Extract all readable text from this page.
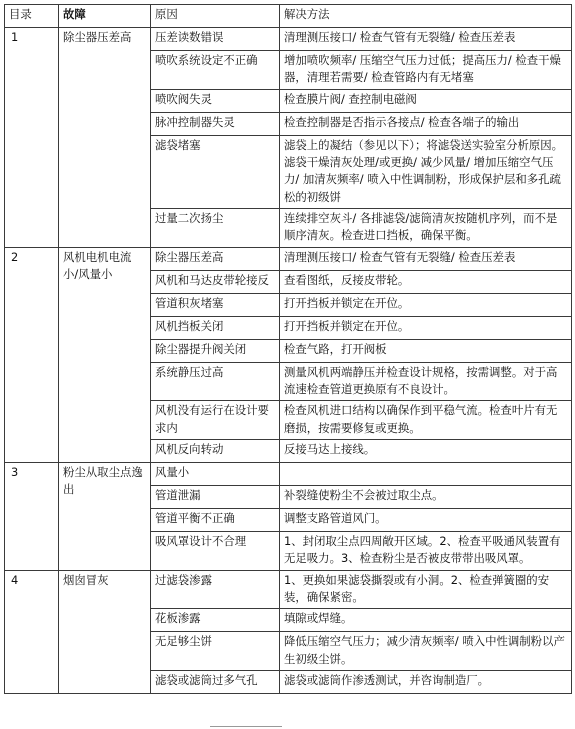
目录	故障	原因	解决方法
1	除尘器压差高	压差读数错误	清理测压接口/ 检查气管有无裂缝/ 检查压差表
		喷吹系统设定不正确	增加喷吹频率/ 压缩空气压力过低；提高压力/ 检查干燥器，清理若需要/ 检查管路内有无堵塞
		喷吹阀失灵	检查膜片阀/ 查控制电磁阀
		脉冲控制器失灵	检查控制器是否指示各接点/ 检查各端子的输出
		滤袋堵塞	滤袋上的凝结（参见以下）；将滤袋送实验室分析原因。滤袋干燥清灰处理/或更换/ 减少风量/ 增加压缩空气压力/ 加清灰频率/ 喷入中性调制粉，形成保护层和多孔疏松的初级饼
		过量二次扬尘	连续排空灰斗/ 各排滤袋/滤筒清灰按随机序列，而不是顺序清灰。检查进口挡板，确保平衡。
2	风机电机电流小/风量小	除尘器压差高	清理测压接口/ 检查气管有无裂缝/ 检查压差表
		风机和马达皮带轮接反	查看图纸，反接皮带轮。
		管道积灰堵塞	打开挡板并锁定在开位。
		风机挡板关闭	打开挡板并锁定在开位。
		除尘器提升阀关闭	检查气路，打开阀板
		系统静压过高	测量风机两端静压并检查设计规格，按需调整。对于高流速检查管道更换原有不良设计。
		风机没有运行在设计要求内	检查风机进口结构以确保作到平稳气流。检查叶片有无磨损，按需要修复或更换。
		风机反向转动	反接马达上接线。
3	粉尘从取尘点逸出	风量小	
		管道泄漏	补裂缝使粉尘不会被过取尘点。
		管道平衡不正确	调整支路管道风门。
		吸风罩设计不合理	1、封闭取尘点四周敞开区域。2、检查平吸通风装置有无足吸力。3、检查粉尘是否被皮带带出吸风罩。
4	烟囱冒灰	过滤袋渗露	1、更换如果滤袋撕裂或有小洞。2、检查弹簧圈的安装，确保紧密。
		花板渗露	填隙或焊缝。
		无足够尘饼	降低压缩空气压力；减少清灰频率/ 喷入中性调制粉以产生初级尘饼。
		滤袋或滤筒过多气孔	滤袋或滤筒作渗透测试，并咨询制造厂。
